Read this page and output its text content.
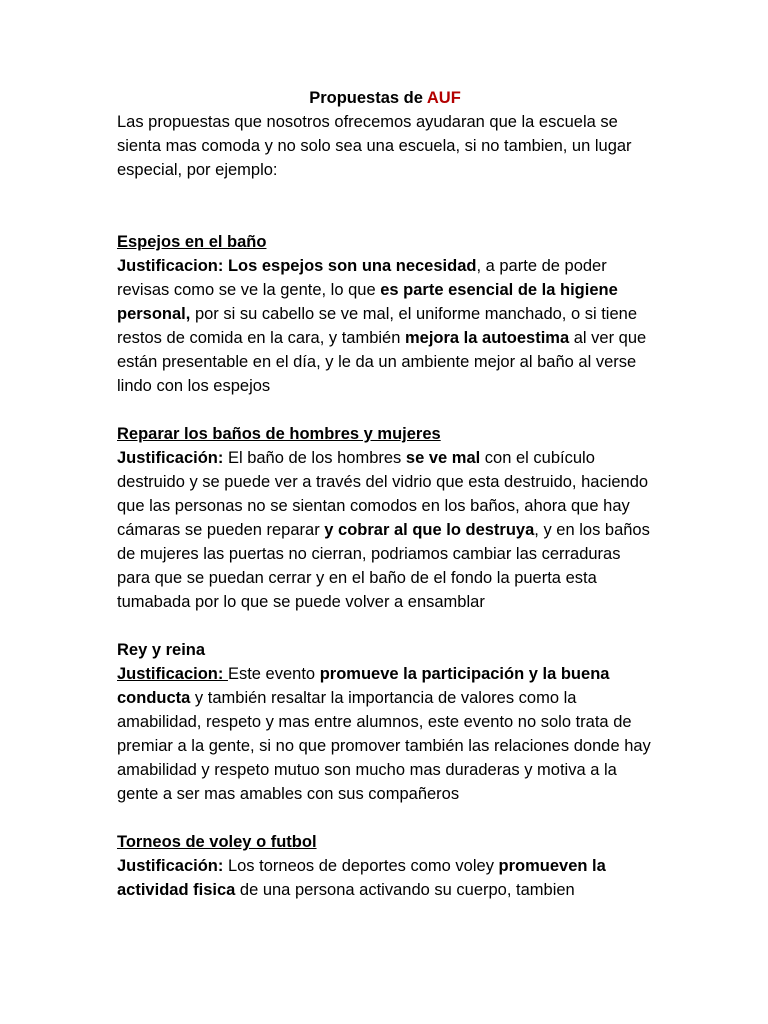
Propuestas de AUF

Las propuestas que nosotros ofrecemos ayudaran que la escuela se sienta mas comoda y no solo sea una escuela, si no tambien, un lugar especial, por ejemplo:

Espejos en el baño

Justificacion: Los espejos son una necesidad, a parte de poder revisas como se ve la gente, lo que es parte esencial de la higiene personal, por si su cabello se ve mal, el uniforme manchado, o si tiene restos de comida en la cara, y también mejora la autoestima al ver que están presentable en el día, y le da un ambiente mejor al baño al verse lindo con los espejos

Reparar los baños de hombres y mujeres

Justificación: El baño de los hombres se ve mal con el cubículo destruido y se puede ver a través del vidrio que esta destruido, haciendo que las personas no se sientan comodos en los baños, ahora que hay cámaras se pueden reparar y cobrar al que lo destruya, y en los baños de mujeres las puertas no cierran, podriamos cambiar las cerraduras para que se puedan cerrar y en el baño de el fondo la puerta esta tumabada por lo que se puede volver a ensamblar

Rey y reina

Justificacion: Este evento promueve la participación y la buena conducta y también resaltar la importancia de valores como la amabilidad, respeto y mas entre alumnos, este evento no solo trata de premiar a la gente, si no que promover también las relaciones donde hay amabilidad y respeto mutuo son mucho mas duraderas y motiva a la gente a ser mas amables con sus compañeros

Torneos de voley o futbol

Justificación: Los torneos de deportes como voley promueven la actividad fisica de una persona activando su cuerpo, tambien
